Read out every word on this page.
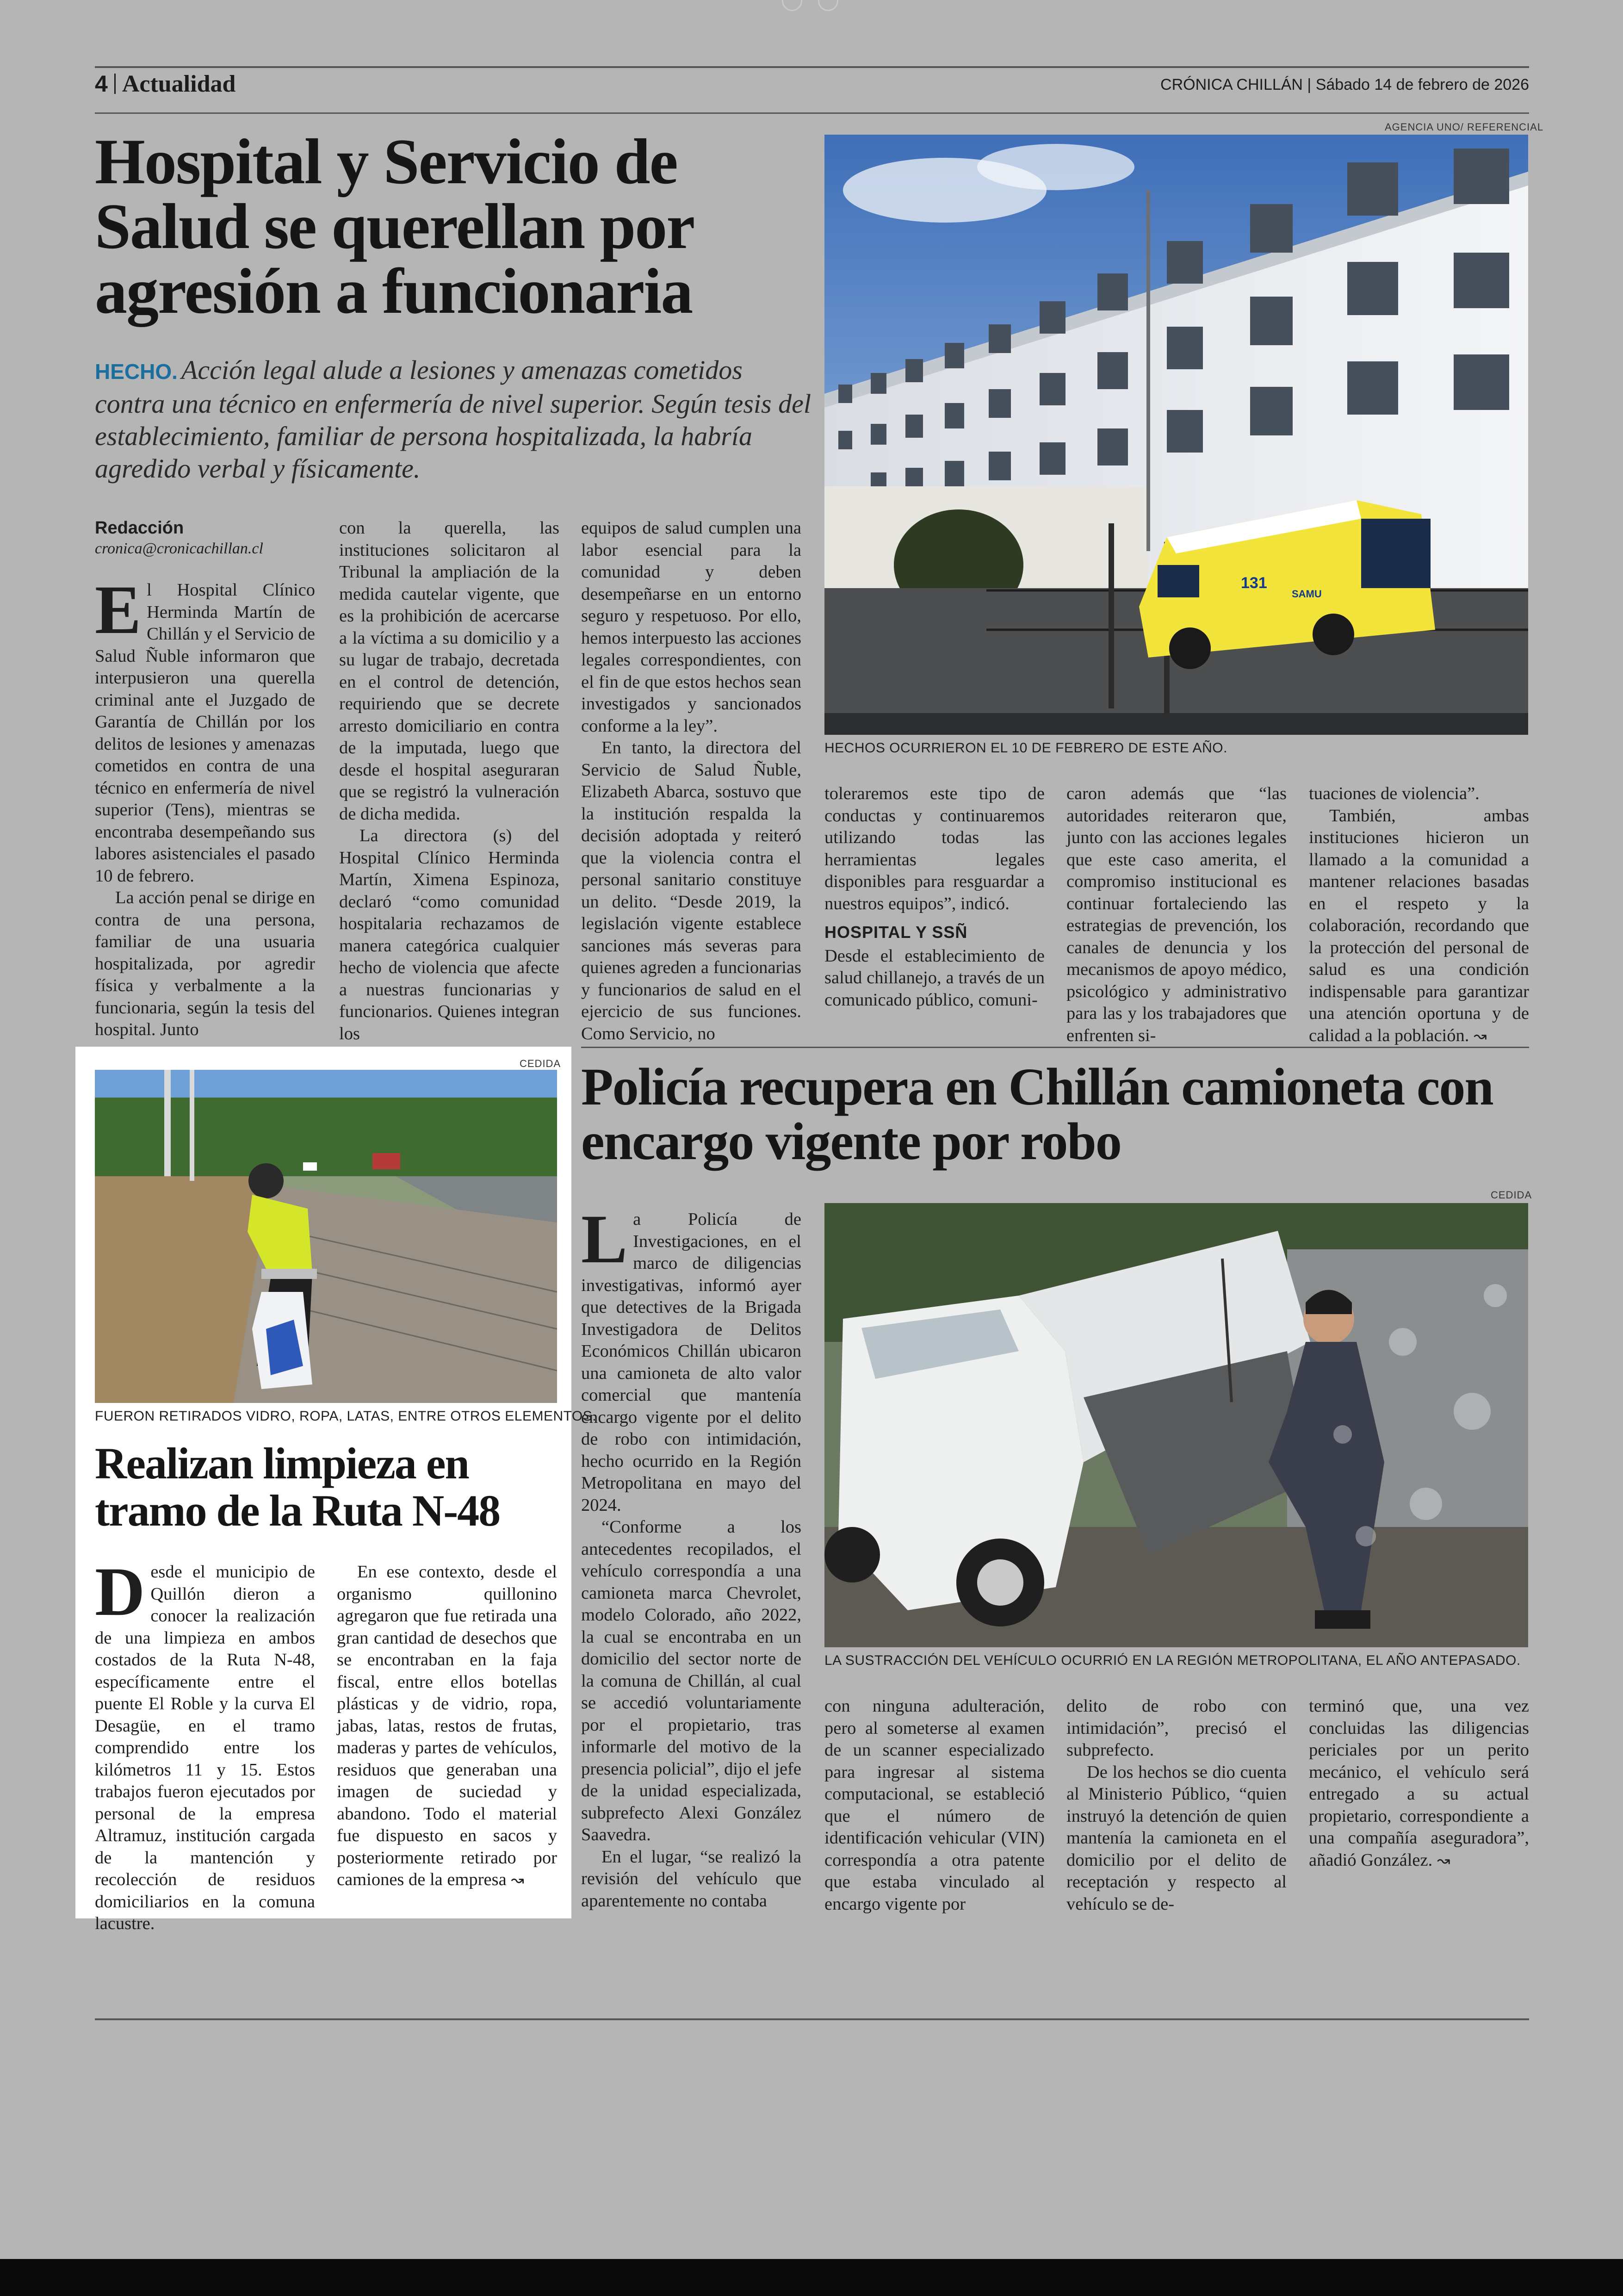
4 Actualidad	CRÓNICA CHILLÁN | Sábado 14 de febrero de 2026
Hospital y Servicio de Salud se querellan por agresión a funcionaria
HECHO. Acción legal alude a lesiones y amenazas cometidos contra una técnico en enfermería de nivel superior. Según tesis del establecimiento, familiar de persona hospitalizada, la habría agredido verbal y físicamente.
AGENCIA UNO/ REFERENCIAL
131
SAMU
HECHOS OCURRIERON EL 10 DE FEBRERO DE ESTE AÑO.
Redacción
cronica@cronicachillan.cl

El Hospital Clínico Herminda Martín de Chillán y el Servicio de Salud Ñuble informaron que interpusieron una querella criminal ante el Juzgado de Garantía de Chillán por los delitos de lesiones y amenazas cometidos en contra de una técnico en enfermería de nivel superior (Tens), mientras se encontraba desempeñando sus labores asistenciales el pasado 10 de febrero.

La acción penal se dirige en contra de una persona, familiar de una usuaria hospitalizada, por agredir física y verbalmente a la funcionaria, según la tesis del hospital. Junto

con la querella, las instituciones solicitaron al Tribunal la ampliación de la medida cautelar vigente, que es la prohibición de acercarse a la víctima a su domicilio y a su lugar de trabajo, decretada en el control de detención, requiriendo que se decrete arresto domiciliario en contra de la imputada, luego que desde el hospital aseguraran que se registró la vulneración de dicha medida.

La directora (s) del Hospital Clínico Herminda Martín, Ximena Espinoza, declaró “como comunidad hospitalaria rechazamos de manera categórica cualquier hecho de violencia que afecte a nuestras funcionarias y funcionarios. Quienes integran los

equipos de salud cumplen una labor esencial para la comunidad y deben desempeñarse en un entorno seguro y respetuoso. Por ello, hemos interpuesto las acciones legales correspondientes, con el fin de que estos hechos sean investigados y sancionados conforme a la ley”.

En tanto, la directora del Servicio de Salud Ñuble, Elizabeth Abarca, sostuvo que la institución respalda la decisión adoptada y reiteró que la violencia contra el personal sanitario constituye un delito. “Desde 2019, la legislación vigente establece sanciones más severas para quienes agreden a funcionarias y funcionarios de salud en el ejercicio de sus funciones. Como Servicio, no

toleraremos este tipo de conductas y continuaremos utilizando todas las herramientas legales disponibles para resguardar a nuestros equipos”, indicó.

HOSPITAL Y SSÑ

Desde el establecimiento de salud chillanejo, a través de un comunicado público, comuni-

caron además que “las autoridades reiteraron que, junto con las acciones legales que este caso amerita, el compromiso institucional es continuar fortaleciendo las estrategias de prevención, los canales de denuncia y los mecanismos de apoyo médico, psicológico y administrativo para las y los trabajadores que enfrenten si-

tuaciones de violencia”.

También, ambas instituciones hicieron un llamado a la comunidad a mantener relaciones basadas en el respeto y la colaboración, recordando que la protección del personal de salud es una condición indispensable para garantizar una atención oportuna y de calidad a la población. ↝

CEDIDA
FUERON RETIRADOS VIDRO, ROPA, LATAS, ENTRE OTROS ELEMENTOS.
Realizan limpieza en tramo de la Ruta N-48

Desde el municipio de Quillón dieron a conocer la realización de una limpieza en ambos costados de la Ruta N-48, específicamente entre el puente El Roble y la curva El Desagüe, en el tramo comprendido entre los kilómetros 11 y 15. Estos trabajos fueron ejecutados por personal de la empresa Altramuz, institución cargada de la mantención y recolección de residuos domiciliarios en la comuna lacustre.

En ese contexto, desde el organismo quillonino agregaron que fue retirada una gran cantidad de desechos que se encontraban en la faja fiscal, entre ellos botellas plásticas y de vidrio, ropa, jabas, latas, restos de frutas, maderas y partes de vehículos, residuos que generaban una imagen de suciedad y abandono. Todo el material fue dispuesto en sacos y posteriormente retirado por camiones de la empresa ↝

Policía recupera en Chillán camioneta con encargo vigente por robo

La Policía de Investigaciones, en el marco de diligencias investigativas, informó ayer que detectives de la Brigada Investigadora de Delitos Económicos Chillán ubicaron una camioneta de alto valor comercial que mantenía encargo vigente por el delito de robo con intimidación, hecho ocurrido en la Región Metropolitana en mayo del 2024.

“Conforme a los antecedentes recopilados, el vehículo correspondía a una camioneta marca Chevrolet, modelo Colorado, año 2022, la cual se encontraba en un domicilio del sector norte de la comuna de Chillán, al cual se accedió voluntariamente por el propietario, tras informarle del motivo de la presencia policial”, dijo el jefe de la unidad especializada, subprefecto Alexi González Saavedra.

En el lugar, “se realizó la revisión del vehículo que aparentemente no contaba

CEDIDA
LA SUSTRACCIÓN DEL VEHÍCULO OCURRIÓ EN LA REGIÓN METROPOLITANA, EL AÑO ANTEPASADO.

con ninguna adulteración, pero al someterse al examen de un scanner especializado para ingresar al sistema computacional, se estableció que el número de identificación vehicular (VIN) correspondía a otra patente que estaba vinculado al encargo vigente por

delito de robo con intimidación”, precisó el subprefecto.

De los hechos se dio cuenta al Ministerio Público, “quien instruyó la detención de quien mantenía la camioneta en el domicilio por el delito de receptación y respecto al vehículo se de-

terminó que, una vez concluidas las diligencias periciales por un perito mecánico, el vehículo será entregado a su actual propietario, correspondiente a una compañía aseguradora”, añadió González. ↝
